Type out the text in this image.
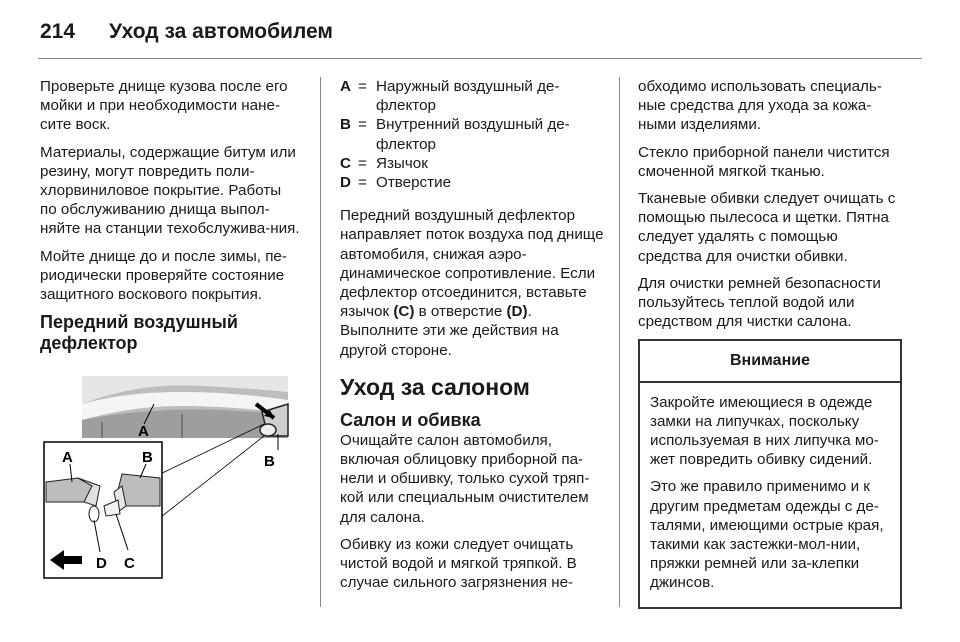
214 Уход за автомобилем

Проверьте днище кузова после его мойки и при необходимости нане-сите воск.

Материалы, содержащие битум или резину, могут повредить поли-хлорвиниловое покрытие. Работы по обслуживанию днища выпол-няйте на станции техобслужива-ния.

Мойте днище до и после зимы, пе-риодически проверяйте состояние защитного воскового покрытия.

Передний воздушный дефлектор
A
B
A	B
D C
A = Наружный воздушный де-флектор
B = Внутренний воздушный де-флектор
C = Язычок
D = Отверстие

Передний воздушный дефлектор направляет поток воздуха под днище автомобиля, снижая аэро-динамическое сопротивление. Если дефлектор отсоединится, вставьте язычок (C) в отверстие (D). Выполните эти же действия на другой стороне.

Уход за салоном
Салон и обивка

Очищайте салон автомобиля, включая облицовку приборной па-нели и обшивку, только сухой тряп-кой или специальным очистителем для салона.

Обивку из кожи следует очищать чистой водой и мягкой тряпкой. В случае сильного загрязнения не-

обходимо использовать специаль-ные средства для ухода за кожа-ными изделиями.

Стекло приборной панели чистится смоченной мягкой тканью.

Тканевые обивки следует очищать с помощью пылесоса и щетки. Пятна следует удалять с помощью средства для очистки обивки.

Для очистки ремней безопасности пользуйтесь теплой водой или средством для чистки салона.

Внимание

Закройте имеющиеся в одежде замки на липучках, поскольку используемая в них липучка мо-жет повредить обивку сидений.

Это же правило применимо и к другим предметам одежды с де-талями, имеющими острые края, такими как застежки-мол-нии, пряжки ремней или за-клепки джинсов.
